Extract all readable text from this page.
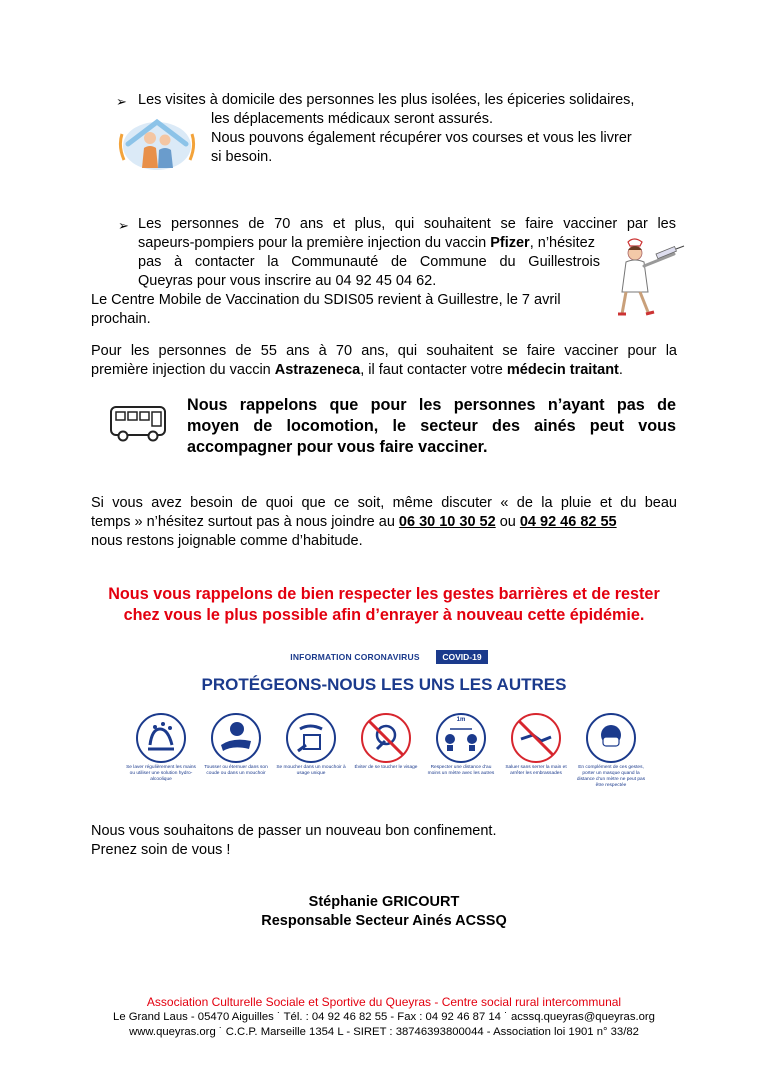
➢ Les visites à domicile des personnes les plus isolées, les épiceries solidaires,
les déplacements médicaux seront assurés.
Nous pouvons également récupérer vos courses et vous les livrer
si besoin.
➢ Les personnes de 70 ans et plus, qui souhaitent se faire vacciner par les
sapeurs-pompiers pour la première injection du vaccin Pfizer, n’hésitez
pas à contacter la Communauté de Commune du Guillestrois
Queyras pour vous inscrire au 04 92 45 04 62.
Le Centre Mobile de Vaccination du SDIS05 revient à Guillestre, le 7 avril
prochain.
Pour les personnes de 55 ans à 70 ans, qui souhaitent se faire vacciner pour la
première injection du vaccin Astrazeneca, il faut contacter votre médecin traitant.
Nous rappelons que pour les personnes n’ayant pas de
moyen de locomotion, le secteur des ainés peut vous
accompagner pour vous faire vacciner.
Si vous avez besoin de quoi que ce soit, même discuter « de la pluie et du beau
temps » n’hésitez surtout pas à nous joindre au 06 30 10 30 52 ou 04 92 46 82 55
nous restons joignable comme d’habitude.
Nous vous rappelons de bien respecter les gestes barrières et de rester
chez vous le plus possible afin d’enrayer à nouveau cette épidémie.
INFORMATION CORONAVIRUS	COVID-19
PROTÉGEONS-NOUS LES UNS LES AUTRES
Se laver régulièrement les mains ou utiliser une solution hydro-alcoolique
Tousser ou éternuer dans son coude ou dans un mouchoir
Se moucher dans un mouchoir à usage unique
Éviter de se toucher le visage
1m
Respecter une distance d’au moins un mètre avec les autres
Saluer sans serrer la main et arrêter les embrassades
En complément de ces gestes, porter un masque quand la distance d’un mètre ne peut pas être respectée
Nous vous souhaitons de passer un nouveau bon confinement.
Prenez soin de vous !
Stéphanie GRICOURT
Responsable Secteur Ainés ACSSQ
Association Culturelle Sociale et Sportive du Queyras - Centre social rural intercommunal
Le Grand Laus - 05470 Aiguilles ˙ Tél. : 04 92 46 82 55 - Fax : 04 92 46 87 14 ˙ acssq.queyras@queyras.org
www.queyras.org ˙ C.C.P. Marseille 1354 L - SIRET : 38746393800044 - Association loi 1901 n° 33/82
